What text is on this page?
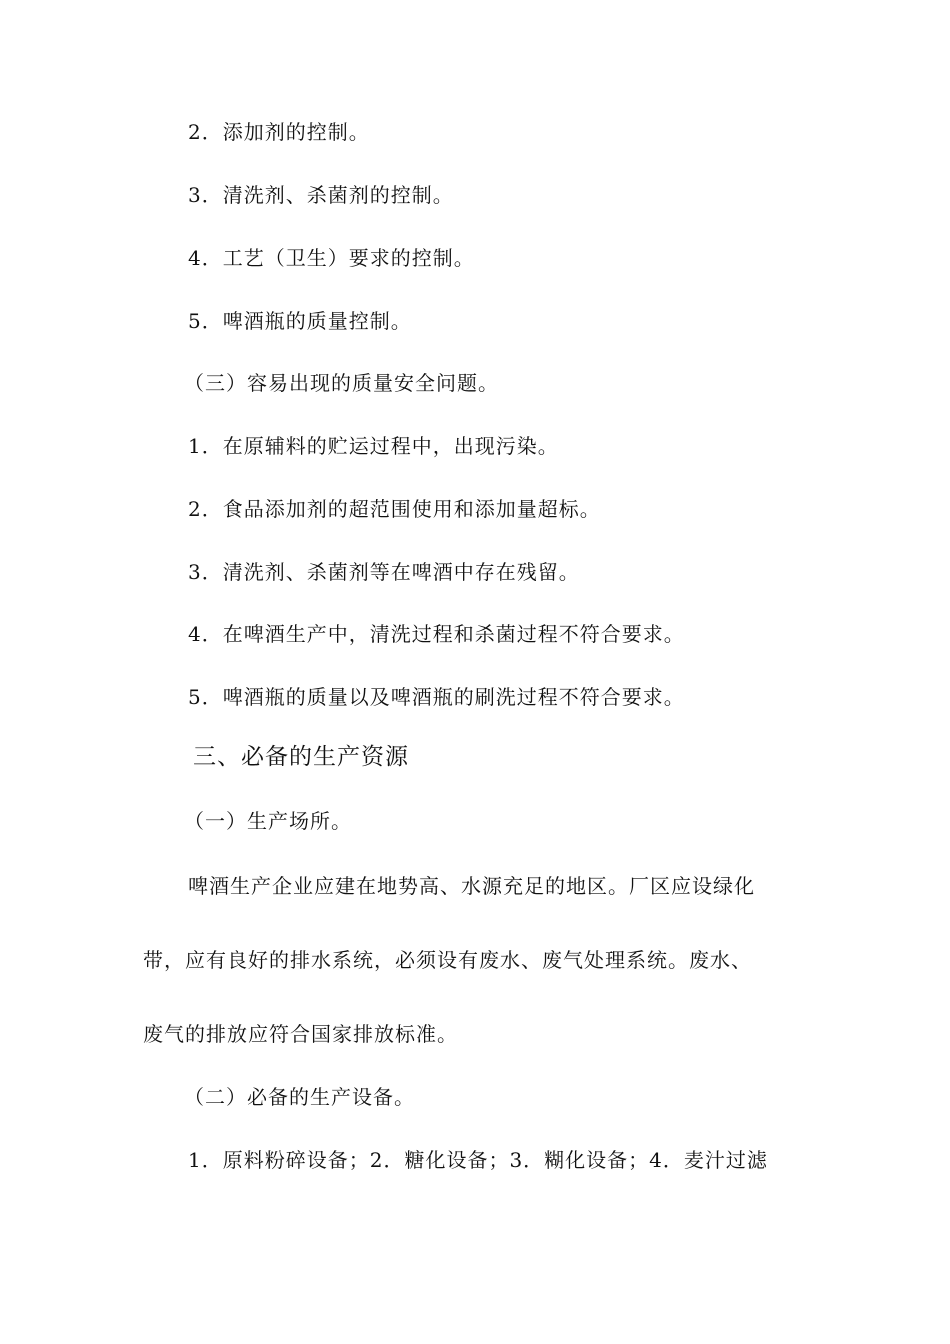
2．添加剂的控制。
3．清洗剂、杀菌剂的控制。
4．工艺（卫生）要求的控制。
5．啤酒瓶的质量控制。
（三）容易出现的质量安全问题。
1．在原辅料的贮运过程中，出现污染。
2．食品添加剂的超范围使用和添加量超标。
3．清洗剂、杀菌剂等在啤酒中存在残留。
4．在啤酒生产中，清洗过程和杀菌过程不符合要求。
5．啤酒瓶的质量以及啤酒瓶的刷洗过程不符合要求。
三、必备的生产资源
（一）生产场所。
啤酒生产企业应建在地势高、水源充足的地区。厂区应设绿化
带，应有良好的排水系统，必须设有废水、废气处理系统。废水、
废气的排放应符合国家排放标准。
（二）必备的生产设备。
1．原料粉碎设备；2．糖化设备；3．糊化设备；4．麦汁过滤
